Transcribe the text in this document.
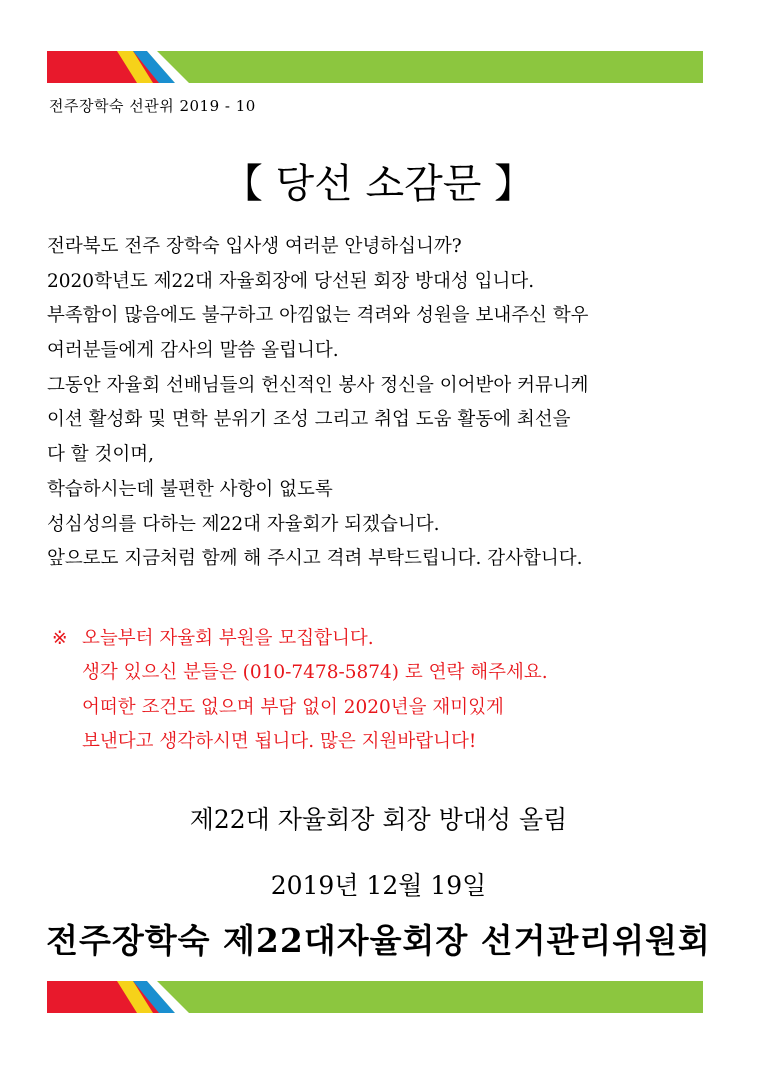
전주장학숙 선관위 2019 - 10
【 당선 소감문 】

전라북도 전주 장학숙 입사생 여러분 안녕하십니까?

2020학년도 제22대 자율회장에 당선된 회장 방대성 입니다.

부족함이 많음에도 불구하고 아낌없는 격려와 성원을 보내주신 학우

여러분들에게 감사의 말씀 올립니다.

그동안 자율회 선배님들의 헌신적인 봉사 정신을 이어받아 커뮤니케

이션 활성화 및 면학 분위기 조성 그리고 취업 도움 활동에 최선을

다 할 것이며,

학습하시는데 불편한 사항이 없도록

성심성의를 다하는 제22대 자율회가 되겠습니다.

앞으로도 지금처럼 함께 해 주시고 격려 부탁드립니다. 감사합니다.

※ 오늘부터 자율회 부원을 모집합니다.

생각 있으신 분들은 (010-7478-5874) 로 연락 해주세요.

어떠한 조건도 없으며 부담 없이 2020년을 재미있게

보낸다고 생각하시면 됩니다. 많은 지원바랍니다!

제22대 자율회장 회장 방대성 올림
2019년 12월 19일
전주장학숙 제22대자율회장 선거관리위원회
